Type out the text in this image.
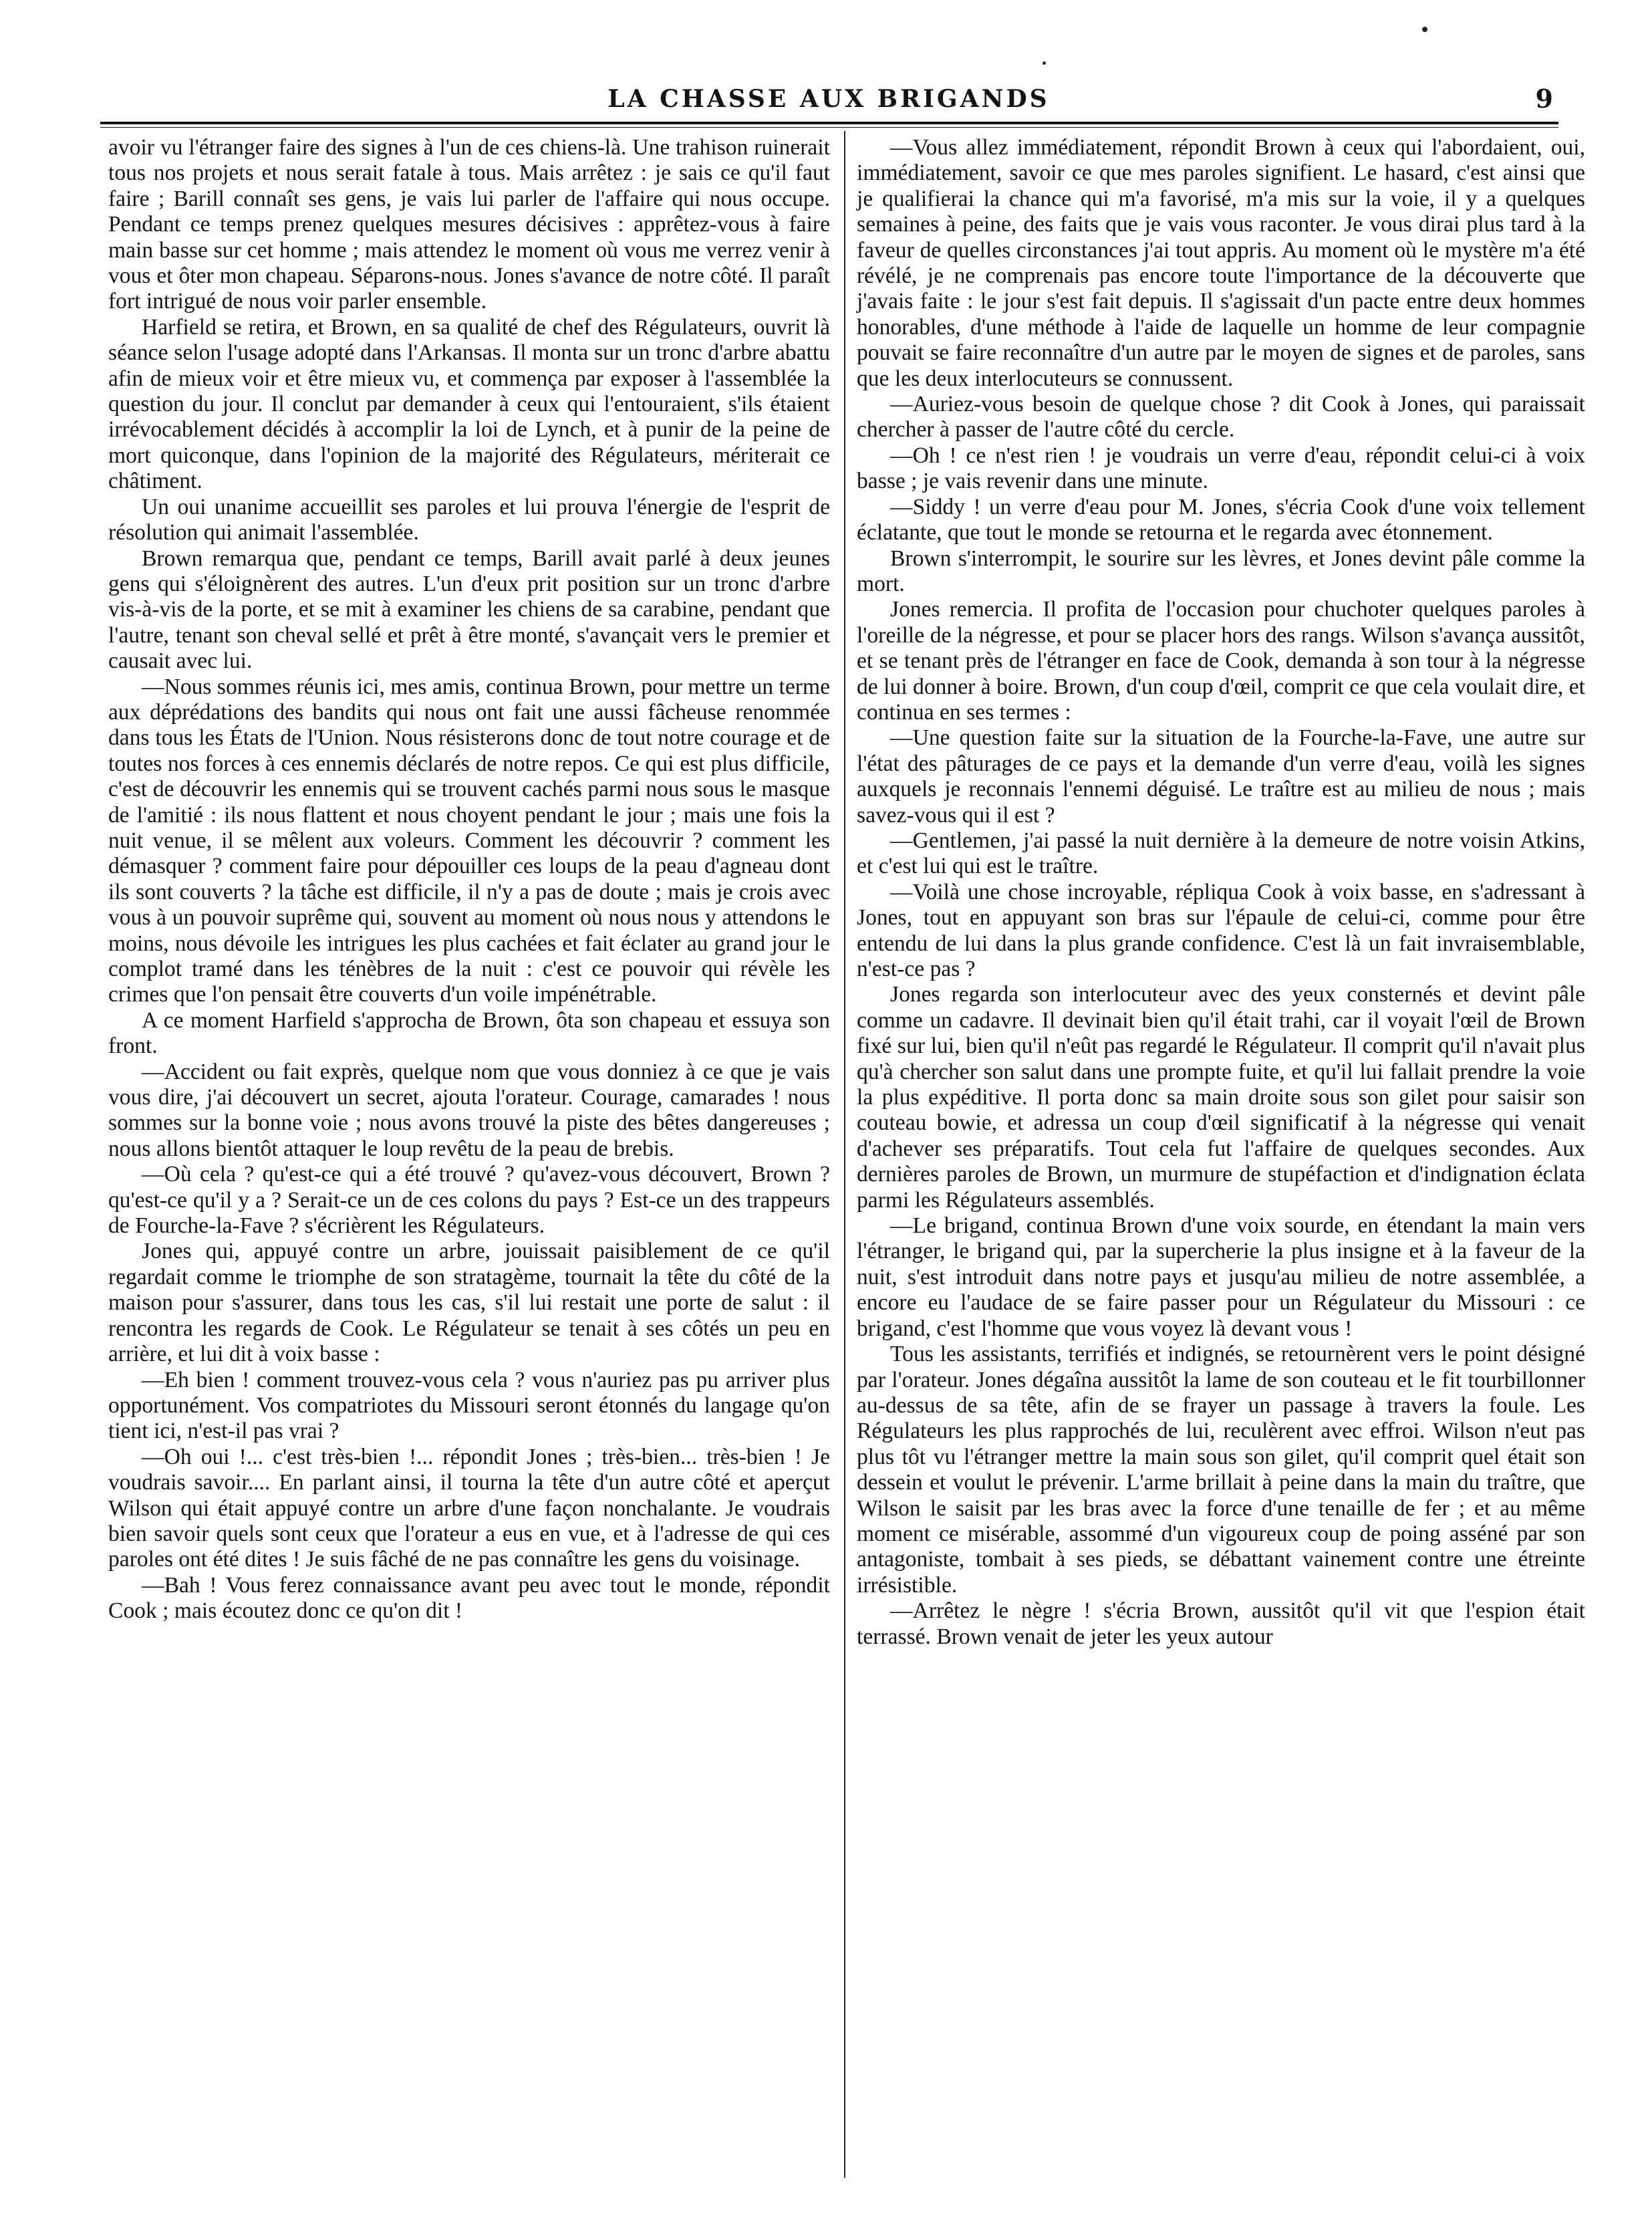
LA CHASSE AUX BRIGANDS	9

avoir vu l'étranger faire des signes à l'un de ces chiens-là. Une trahison ruinerait tous nos projets et nous serait fatale à tous. Mais arrêtez : je sais ce qu'il faut faire ; Barill connaît ses gens, je vais lui parler de l'affaire qui nous occupe. Pendant ce temps prenez quelques mesures décisives : apprêtez-vous à faire main basse sur cet homme ; mais attendez le moment où vous me verrez venir à vous et ôter mon chapeau. Séparons-nous. Jones s'avance de notre côté. Il paraît fort intrigué de nous voir parler ensemble.

Harfield se retira, et Brown, en sa qualité de chef des Régulateurs, ouvrit là séance selon l'usage adopté dans l'Arkansas. Il monta sur un tronc d'arbre abattu afin de mieux voir et être mieux vu, et commença par exposer à l'assemblée la question du jour. Il conclut par demander à ceux qui l'entouraient, s'ils étaient irrévocablement décidés à accomplir la loi de Lynch, et à punir de la peine de mort quiconque, dans l'opinion de la majorité des Régulateurs, mériterait ce châtiment.

Un oui unanime accueillit ses paroles et lui prouva l'énergie de l'esprit de résolution qui animait l'assemblée.

Brown remarqua que, pendant ce temps, Barill avait parlé à deux jeunes gens qui s'éloignèrent des autres. L'un d'eux prit position sur un tronc d'arbre vis-à-vis de la porte, et se mit à examiner les chiens de sa carabine, pendant que l'autre, tenant son cheval sellé et prêt à être monté, s'avançait vers le premier et causait avec lui.

—Nous sommes réunis ici, mes amis, continua Brown, pour mettre un terme aux déprédations des bandits qui nous ont fait une aussi fâcheuse renommée dans tous les États de l'Union. Nous résisterons donc de tout notre courage et de toutes nos forces à ces ennemis déclarés de notre repos. Ce qui est plus difficile, c'est de découvrir les ennemis qui se trouvent cachés parmi nous sous le masque de l'amitié : ils nous flattent et nous choyent pendant le jour ; mais une fois la nuit venue, il se mêlent aux voleurs. Comment les découvrir ? comment les démasquer ? comment faire pour dépouiller ces loups de la peau d'agneau dont ils sont couverts ? la tâche est difficile, il n'y a pas de doute ; mais je crois avec vous à un pouvoir suprême qui, souvent au moment où nous nous y attendons le moins, nous dévoile les intrigues les plus cachées et fait éclater au grand jour le complot tramé dans les ténèbres de la nuit : c'est ce pouvoir qui révèle les crimes que l'on pensait être couverts d'un voile impénétrable.

A ce moment Harfield s'approcha de Brown, ôta son chapeau et essuya son front.

—Accident ou fait exprès, quelque nom que vous donniez à ce que je vais vous dire, j'ai découvert un secret, ajouta l'orateur. Courage, camarades ! nous sommes sur la bonne voie ; nous avons trouvé la piste des bêtes dangereuses ; nous allons bientôt attaquer le loup revêtu de la peau de brebis.

—Où cela ? qu'est-ce qui a été trouvé ? qu'avez-vous découvert, Brown ? qu'est-ce qu'il y a ? Serait-ce un de ces colons du pays ? Est-ce un des trappeurs de Fourche-la-Fave ? s'écrièrent les Régulateurs.

Jones qui, appuyé contre un arbre, jouissait paisiblement de ce qu'il regardait comme le triomphe de son stratagème, tournait la tête du côté de la maison pour s'assurer, dans tous les cas, s'il lui restait une porte de salut : il rencontra les regards de Cook. Le Régulateur se tenait à ses côtés un peu en arrière, et lui dit à voix basse :

—Eh bien ! comment trouvez-vous cela ? vous n'auriez pas pu arriver plus opportunément. Vos compatriotes du Missouri seront étonnés du langage qu'on tient ici, n'est-il pas vrai ?

—Oh oui !... c'est très-bien !... répondit Jones ; très-bien... très-bien ! Je voudrais savoir.... En parlant ainsi, il tourna la tête d'un autre côté et aperçut Wilson qui était appuyé contre un arbre d'une façon nonchalante. Je voudrais bien savoir quels sont ceux que l'orateur a eus en vue, et à l'adresse de qui ces paroles ont été dites ! Je suis fâché de ne pas connaître les gens du voisinage.

—Bah ! Vous ferez connaissance avant peu avec tout le monde, répondit Cook ; mais écoutez donc ce qu'on dit !

—Vous allez immédiatement, répondit Brown à ceux qui l'abordaient, oui, immédiatement, savoir ce que mes paroles signifient. Le hasard, c'est ainsi que je qualifierai la chance qui m'a favorisé, m'a mis sur la voie, il y a quelques semaines à peine, des faits que je vais vous raconter. Je vous dirai plus tard à la faveur de quelles circonstances j'ai tout appris. Au moment où le mystère m'a été révélé, je ne comprenais pas encore toute l'importance de la découverte que j'avais faite : le jour s'est fait depuis. Il s'agissait d'un pacte entre deux hommes honorables, d'une méthode à l'aide de laquelle un homme de leur compagnie pouvait se faire reconnaître d'un autre par le moyen de signes et de paroles, sans que les deux interlocuteurs se connussent.

—Auriez-vous besoin de quelque chose ? dit Cook à Jones, qui paraissait chercher à passer de l'autre côté du cercle.

—Oh ! ce n'est rien ! je voudrais un verre d'eau, répondit celui-ci à voix basse ; je vais revenir dans une minute.

—Siddy ! un verre d'eau pour M. Jones, s'écria Cook d'une voix tellement éclatante, que tout le monde se retourna et le regarda avec étonnement.

Brown s'interrompit, le sourire sur les lèvres, et Jones devint pâle comme la mort.

Jones remercia. Il profita de l'occasion pour chuchoter quelques paroles à l'oreille de la négresse, et pour se placer hors des rangs. Wilson s'avança aussitôt, et se tenant près de l'étranger en face de Cook, demanda à son tour à la négresse de lui donner à boire. Brown, d'un coup d'œil, comprit ce que cela voulait dire, et continua en ses termes :

—Une question faite sur la situation de la Fourche-la-Fave, une autre sur l'état des pâturages de ce pays et la demande d'un verre d'eau, voilà les signes auxquels je reconnais l'ennemi déguisé. Le traître est au milieu de nous ; mais savez-vous qui il est ?

—Gentlemen, j'ai passé la nuit dernière à la demeure de notre voisin Atkins, et c'est lui qui est le traître.

—Voilà une chose incroyable, répliqua Cook à voix basse, en s'adressant à Jones, tout en appuyant son bras sur l'épaule de celui-ci, comme pour être entendu de lui dans la plus grande confidence. C'est là un fait invraisemblable, n'est-ce pas ?

Jones regarda son interlocuteur avec des yeux consternés et devint pâle comme un cadavre. Il devinait bien qu'il était trahi, car il voyait l'œil de Brown fixé sur lui, bien qu'il n'eût pas regardé le Régulateur. Il comprit qu'il n'avait plus qu'à chercher son salut dans une prompte fuite, et qu'il lui fallait prendre la voie la plus expéditive. Il porta donc sa main droite sous son gilet pour saisir son couteau bowie, et adressa un coup d'œil significatif à la négresse qui venait d'achever ses préparatifs. Tout cela fut l'affaire de quelques secondes. Aux dernières paroles de Brown, un murmure de stupéfaction et d'indignation éclata parmi les Régulateurs assemblés.

—Le brigand, continua Brown d'une voix sourde, en étendant la main vers l'étranger, le brigand qui, par la supercherie la plus insigne et à la faveur de la nuit, s'est introduit dans notre pays et jusqu'au milieu de notre assemblée, a encore eu l'audace de se faire passer pour un Régulateur du Missouri : ce brigand, c'est l'homme que vous voyez là devant vous !

Tous les assistants, terrifiés et indignés, se retournèrent vers le point désigné par l'orateur. Jones dégaîna aussitôt la lame de son couteau et le fit tourbillonner au-dessus de sa tête, afin de se frayer un passage à travers la foule. Les Régulateurs les plus rapprochés de lui, reculèrent avec effroi. Wilson n'eut pas plus tôt vu l'étranger mettre la main sous son gilet, qu'il comprit quel était son dessein et voulut le prévenir. L'arme brillait à peine dans la main du traître, que Wilson le saisit par les bras avec la force d'une tenaille de fer ; et au même moment ce misérable, assommé d'un vigoureux coup de poing asséné par son antagoniste, tombait à ses pieds, se débattant vainement contre une étreinte irrésistible.

—Arrêtez le nègre ! s'écria Brown, aussitôt qu'il vit que l'espion était terrassé. Brown venait de jeter les yeux autour
